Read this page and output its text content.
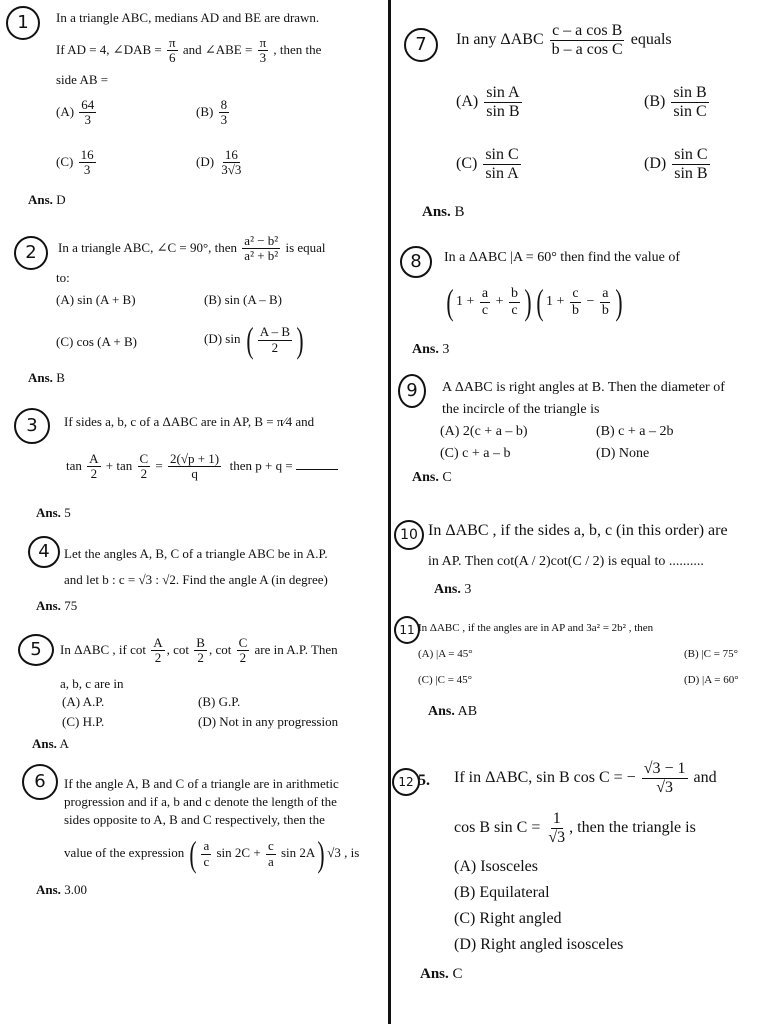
1	In a triangle ABC, medians AD and BE are drawn.
If AD = 4, ∠DAB = $\frac{\pi}{6}$ and ∠ABE = $\frac{\pi}{3}$ , then the
side AB =
$(A) \frac{64}{3}$	$(B) \frac{8}{3}$
$(C) \frac{16}{3}$	$(D) \frac{16}{3√3}$
Ans. D
2	In a triangle ABC, ∠C = 90°, then $\frac{\text{a² − b²}}{\text{a² + b²}}$ is equal
to:
(A) sin (A + B)	(B) sin (A – B)
(C) cos (A + B)	(D) sin ( $\frac{A - B}{2}$ )
Ans. B
3	If sides a, b, c of a ΔABC are in AP, B = π⁄4 and
$\tan \frac{A}{2} + \tan \frac{C}{2} = \frac{2(√p + 1)}{q}$ then p + q =
Ans. 5
4	Let the angles A, B, C of a triangle ABC be in A.P.
and let b : c = √3 : √2. Find the angle A (in degree)
Ans. 75
5	In ΔABC , if $\cot \frac{A}{2}$ , $\cot \frac{B}{2}$ , $\cot \frac{C}{2}$ are in A.P. Then
a, b, c are in
(A) A.P.	(B) G.P.
(C) H.P.	(D) Not in any progression
Ans. A
6	If the angle A, B and C of a triangle are in arithmetic
progression and if a, b and c denote the length of the
sides opposite to A, B and C respectively, then the
value of the expression ( $\frac{a}{c}$ $\sin 2C + \frac{c}{a}$ sin 2A) √3 , is
Ans. 3.00
7	In any ΔABC $\frac{\text{c – a cos B}}{\text{b – a cos C}}$ equals
$(A) \frac{\text{sin A}}{\text{sin B}}$	$(B) \frac{\text{sin B}}{\text{sin C}}$
$(C) \frac{\text{sin C}}{\text{sin A}}$	$(D) \frac{\text{sin C}}{\text{sin B}}$
Ans. B
8	In a ΔABC |A = 60° then find the value of
( $1 + \frac{a}{c} + \frac{b}{c}$ ) ( $1 + \frac{c}{b} - \frac{a}{b}$ )
Ans. 3
9	A ΔABC is right angles at B. Then the diameter of
the incircle of the triangle is
(A) 2(c + a – b)	(B) c + a – 2b
(C) c + a – b	(D) None
Ans. C
10 In ΔABC , if the sides a, b, c (in this order) are
in AP. Then cot(A / 2)cot(C / 2) is equal to ..........
Ans. 3
11 In ΔABC , if the angles are in AP and 3a² = 2b² , then
(A) |A = 45°	(B) |C = 75°
(C) |C = 45°	(D) |A = 60°
Ans. AB
12 5. If in ΔABC, sin B cos C = − $\frac{√3 - 1}{√3}$ and
cos B $\sin C = \frac{1}{√3}$ , then the triangle is
(A) Isosceles
(B) Equilateral
(C) Right angled
(D) Right angled isosceles
Ans. C
